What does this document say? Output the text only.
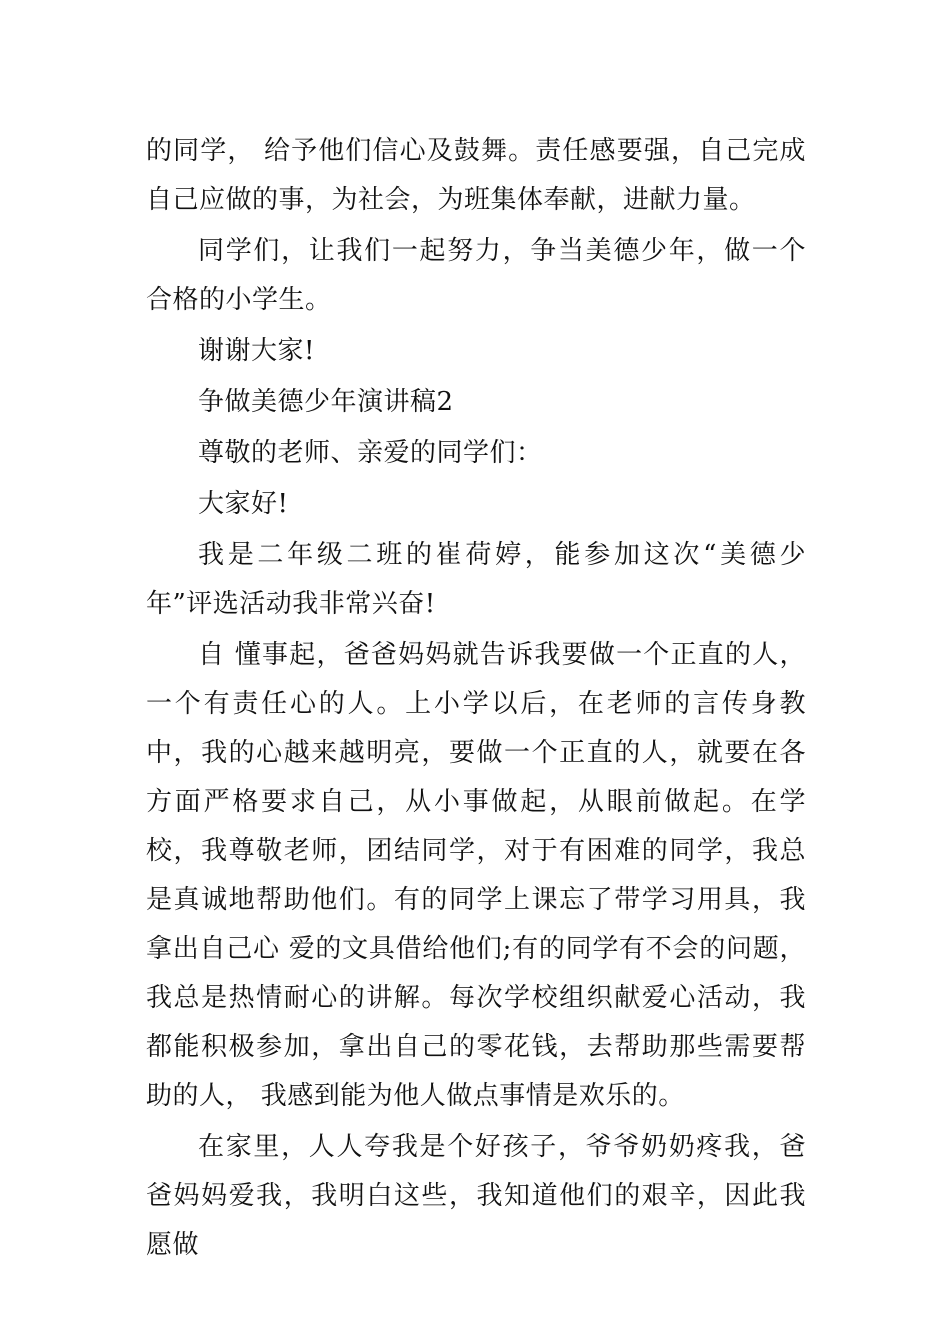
的同学， 给予他们信心及鼓舞。责任感要强，自己完成自己应做的事，为社会，为班集体奉献，进献力量。

同学们，让我们一起努力，争当美德少年，做一个合格的小学生。

谢谢大家!

争做美德少年演讲稿2

尊敬的老师、亲爱的同学们：

大家好!

我是二年级二班的崔荷婷，能参加这次“美德少年”评选活动我非常兴奋!

自 懂事起，爸爸妈妈就告诉我要做一个正直的人，一个有责任心的人。上小学以后，在老师的言传身教中，我的心越来越明亮，要做一个正直的人，就要在各方面严格要求自己，从小事做起，从眼前做起。在学校，我尊敬老师，团结同学，对于有困难的同学，我总是真诚地帮助他们。有的同学上课忘了带学习用具，我拿出自己心 爱的文具借给他们;有的同学有不会的问题，我总是热情耐心的讲解。每次学校组织献爱心活动，我都能积极参加，拿出自己的零花钱，去帮助那些需要帮助的人， 我感到能为他人做点事情是欢乐的。

在家里，人人夸我是个好孩子，爷爷奶奶疼我，爸爸妈妈爱我，我明白这些，我知道他们的艰辛，因此我愿做
